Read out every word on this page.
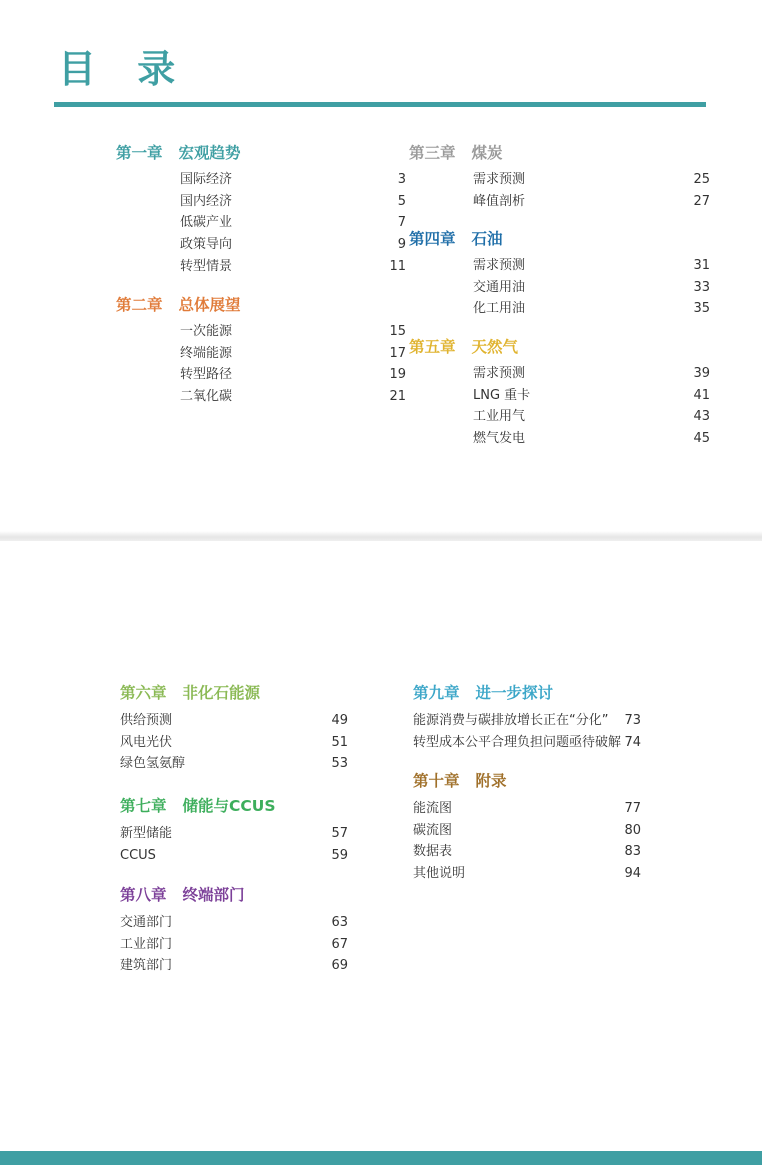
目 录
第一章 宏观趋势
国际经济	3
国内经济	5
低碳产业	7
政策导向	9
转型情景	11
第二章 总体展望
一次能源	15
终端能源	17
转型路径	19
二氧化碳	21
第三章 煤炭
需求预测	25
峰值剖析	27
第四章 石油
需求预测	31
交通用油	33
化工用油	35
第五章 天然气
需求预测	39
LNG 重卡	41
工业用气	43
燃气发电	45
第六章 非化石能源
供给预测	49
风电光伏	51
绿色氢氨醇	53
第七章 储能与CCUS
新型储能	57
CCUS	59
第八章 终端部门
交通部门	63
工业部门	67
建筑部门	69
第九章 进一步探讨
能源消费与碳排放增长正在“分化” 73
转型成本公平合理负担问题亟待破解 74
第十章 附录
能流图	77
碳流图	80
数据表	83
其他说明	94
